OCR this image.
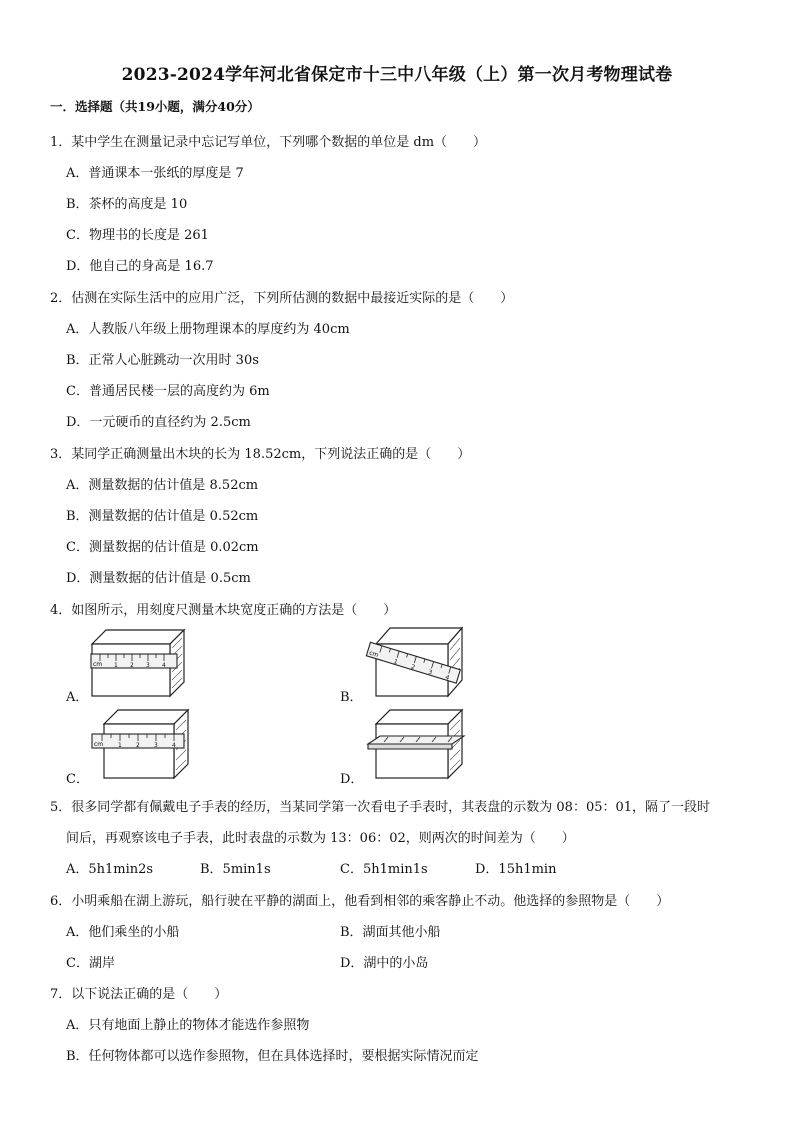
2023-2024学年河北省保定市十三中八年级（上）第一次月考物理试卷
一．选择题（共19小题，满分40分）
1．某中学生在测量记录中忘记写单位，下列哪个数据的单位是 dm（　　）
A．普通课本一张纸的厚度是 7
B．茶杯的高度是 10
C．物理书的长度是 261
D．他自己的身高是 16.7
2．估测在实际生活中的应用广泛，下列所估测的数据中最接近实际的是（　　）
A．人教版八年级上册物理课本的厚度约为 40cm
B．正常人心脏跳动一次用时 30s
C．普通居民楼一层的高度约为 6m
D．一元硬币的直径约为 2.5cm
3．某同学正确测量出木块的长为 18.52cm，下列说法正确的是（　　）
A．测量数据的估计值是 8.52cm
B．测量数据的估计值是 0.52cm
C．测量数据的估计值是 0.02cm
D．测量数据的估计值是 0.5cm
4．如图所示，用刻度尺测量木块宽度正确的方法是（　　）
cm 1 2 3 4
A．
cm
1
2
3
4
B．
cm 1 2 3 4
C．	D．
5．很多同学都有佩戴电子手表的经历，当某同学第一次看电子手表时，其表盘的示数为 08：05：01，隔了一段时
间后，再观察该电子手表，此时表盘的示数为 13：06：02，则两次的时间差为（　　）
A．5h1min2s	B．5min1s	C．5h1min1s	D．15h1min
6．小明乘船在湖上游玩，船行驶在平静的湖面上，他看到相邻的乘客静止不动。他选择的参照物是（　　）
A．他们乘坐的小船	B．湖面其他小船
C．湖岸	D．湖中的小岛
7．以下说法正确的是（　　）
A．只有地面上静止的物体才能选作参照物
B．任何物体都可以选作参照物，但在具体选择时，要根据实际情况而定
